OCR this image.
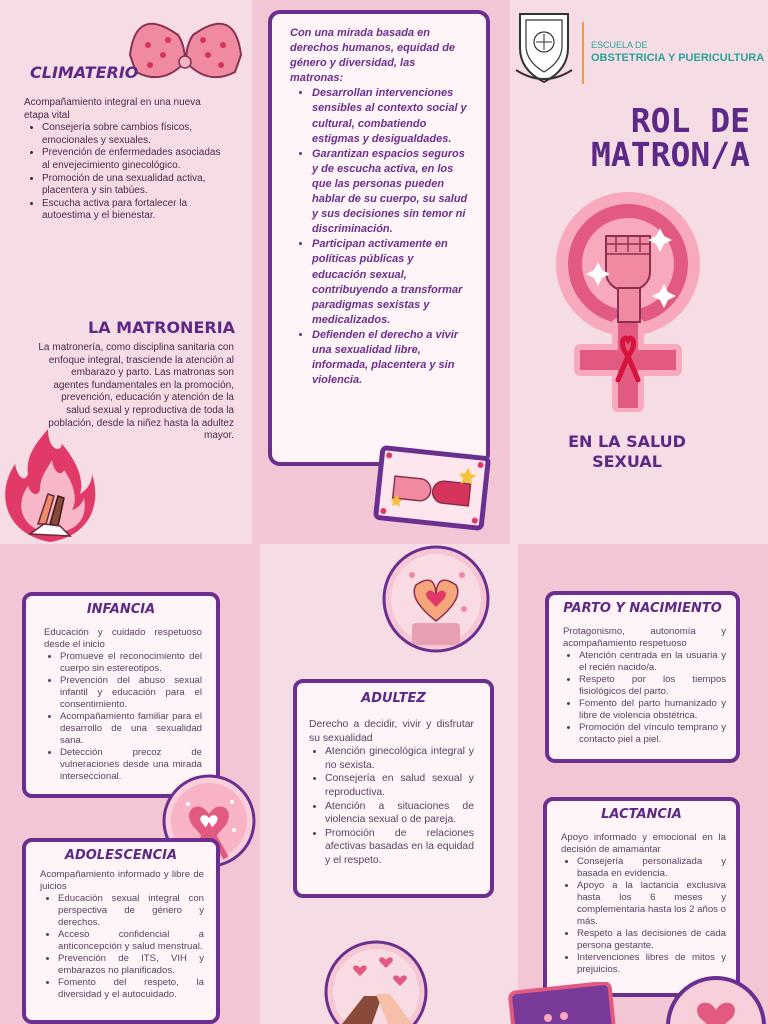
CLIMATERIO
Acompañamiento integral en una nueva etapa vital
• Consejería sobre cambios físicos, emocionales y sexuales.
• Prevención de enfermedades asociadas al envejecimiento ginecológico.
• Promoción de una sexualidad activa, placentera y sin tabúes.
• Escucha activa para fortalecer la autoestima y el bienestar.
LA MATRONERIA
La matronería, como disciplina sanitaria con enfoque integral, trasciende la atención al embarazo y parto. Las matronas son agentes fundamentales en la promoción, prevención, educación y atención de la salud sexual y reproductiva de toda la población, desde la niñez hasta la adultez mayor.
Con una mirada basada en derechos humanos, equidad de género y diversidad, las matronas:
• Desarrollan intervenciones sensibles al contexto social y cultural, combatiendo estigmas y desigualdades.
• Garantizan espacios seguros y de escucha activa, en los que las personas pueden hablar de su cuerpo, su salud y sus decisiones sin temor ni discriminación.
• Participan activamente en políticas públicas y educación sexual, contribuyendo a transformar paradigmas sexistas y medicalizados.
• Defienden el derecho a vivir una sexualidad libre, informada, placentera y sin violencia.
ESCUELA DE
OBSTETRICIA Y PUERICULTURA
ROL DE
MATRON/A
EN LA SALUD
SEXUAL
INFANCIA
Educación y cuidado respetuoso desde el inicio
• Promueve el reconocimiento del cuerpo sin estereotipos.
• Prevención del abuso sexual infantil y educación para el consentimiento.
• Acompañamiento familiar para el desarrollo de una sexualidad sana.
• Detección precoz de vulneraciones desde una mirada interseccional.
ADOLESCENCIA
Acompañamiento informado y libre de juicios
• Educación sexual integral con perspectiva de género y derechos.
• Acceso confidencial a anticoncepción y salud menstrual.
• Prevención de ITS, VIH y embarazos no planificados.
• Fomento del respeto, la diversidad y el autocuidado.
ADULTEZ
Derecho a decidir, vivir y disfrutar su sexualidad
• Atención ginecológica integral y no sexista.
• Consejería en salud sexual y reproductiva.
• Atención a situaciones de violencia sexual o de pareja.
• Promoción de relaciones afectivas basadas en la equidad y el respeto.
PARTO Y NACIMIENTO
Protagonismo, autonomía y acompañamiento respetuoso
• Atención centrada en la usuaria y el recién nacido/a.
• Respeto por los tiempos fisiológicos del parto.
• Fomento del parto humanizado y libre de violencia obstétrica.
• Promoción del vínculo temprano y contacto piel a piel.
LACTANCIA
Apoyo informado y emocional en la decisión de amamantar
• Consejería personalizada y basada en evidencia.
• Apoyo a la lactancia exclusiva hasta los 6 meses y complementaria hasta los 2 años o más.
• Respeto a las decisiones de cada persona gestante.
• Intervenciones libres de mitos y prejuicios.
